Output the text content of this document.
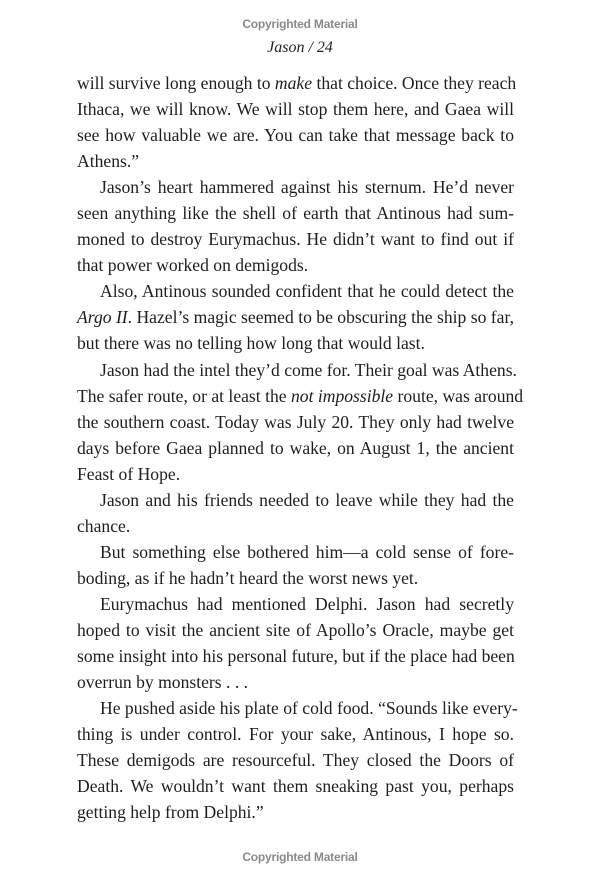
Copyrighted Material
Jason / 24

will survive long enough to make that choice. Once they reach
Ithaca, we will know. We will stop them here, and Gaea will
see how valuable we are. You can take that message back to
Athens.”

Jason’s heart hammered against his sternum. He’d never
seen anything like the shell of earth that Antinous had sum-
moned to destroy Eurymachus. He didn’t want to find out if
that power worked on demigods.

Also, Antinous sounded confident that he could detect the
Argo II. Hazel’s magic seemed to be obscuring the ship so far,
but there was no telling how long that would last.

Jason had the intel they’d come for. Their goal was Athens.
The safer route, or at least the not impossible route, was around
the southern coast. Today was July 20. They only had twelve
days before Gaea planned to wake, on August 1, the ancient
Feast of Hope.

Jason and his friends needed to leave while they had the
chance.

But something else bothered him—a cold sense of fore-
boding, as if he hadn’t heard the worst news yet.

Eurymachus had mentioned Delphi. Jason had secretly
hoped to visit the ancient site of Apollo’s Oracle, maybe get
some insight into his personal future, but if the place had been
overrun by monsters . . .

He pushed aside his plate of cold food. “Sounds like every-
thing is under control. For your sake, Antinous, I hope so.
These demigods are resourceful. They closed the Doors of
Death. We wouldn’t want them sneaking past you, perhaps
getting help from Delphi.”

Copyrighted Material
